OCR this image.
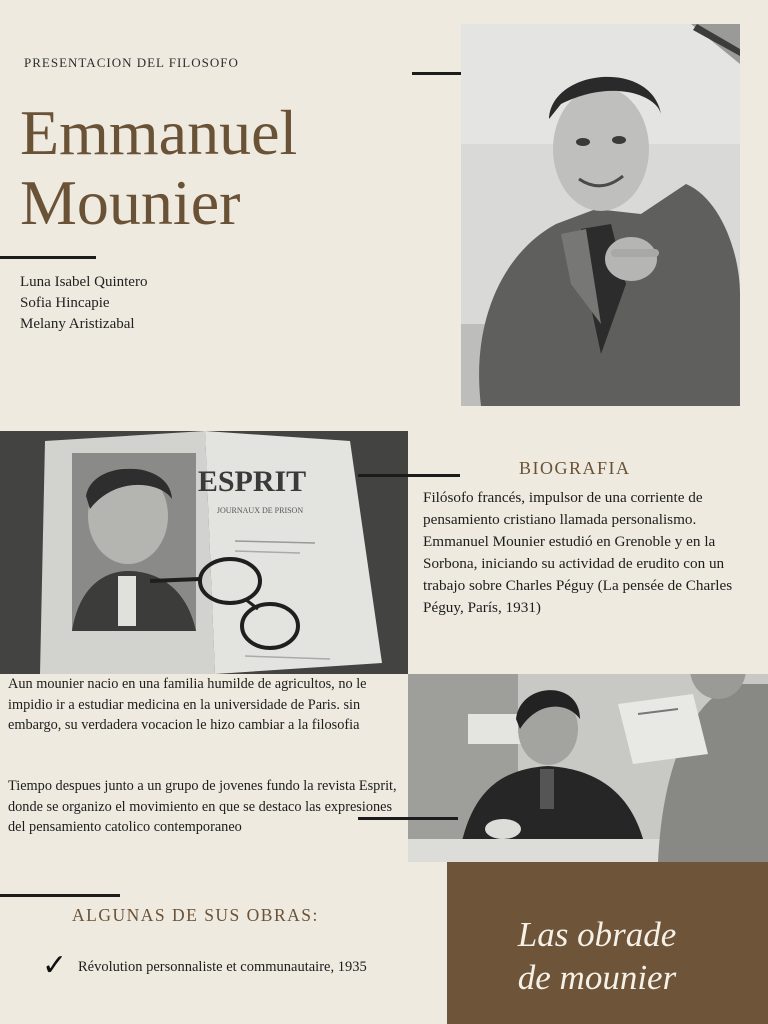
PRESENTACION DEL FILOSOFO
Emmanuel
Mounier
Luna Isabel Quintero
Sofia Hincapie
Melany Aristizabal
ESPRIT
JOURNAUX DE PRISON
BIOGRAFIA
Filósofo francés, impulsor de una corriente de pensamiento cristiano llamada personalismo. Emmanuel Mounier estudió en Grenoble y en la Sorbona, iniciando su actividad de erudito con un trabajo sobre Charles Péguy (La pensée de Charles Péguy, París, 1931)
Aun mounier nacio en una familia humilde de agricultos, no le impidio ir a estudiar medicina en la universidade de Paris. sin embargo, su verdadera vocacion le hizo cambiar a la filosofia
Tiempo despues junto a un grupo de jovenes fundo la revista Esprit, donde se organizo el movimiento en que se destaco las expresiones del pensamiento catolico contemporaneo
ALGUNAS DE SUS OBRAS:
✓ Révolution personnaliste et communautaire, 1935
Las obrade
de mounier
